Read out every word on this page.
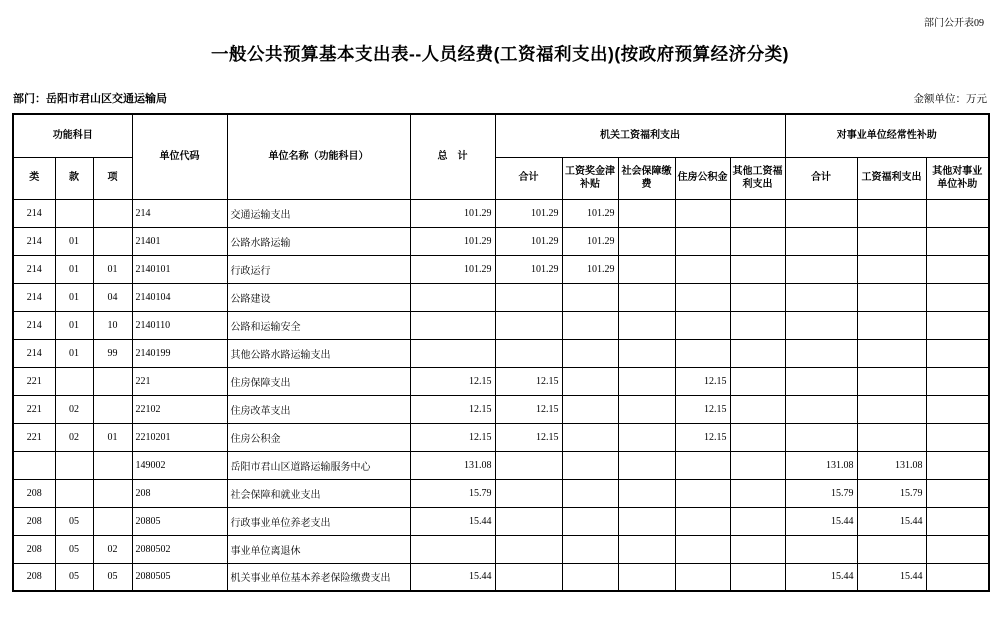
部门公开表09
一般公共预算基本支出表--人员经费(工资福利支出)(按政府预算经济分类)
部门：岳阳市君山区交通运输局	金额单位：万元
功能科目			单位代码	单位名称（功能科目）	总　计	机关工资福利支出					对事业单位经常性补助		
类	款	项				合计	工资奖金津补贴	社会保障缴费	住房公积金	其他工资福利支出	合计	工资福利支出	其他对事业单位补助
214			214	交通运输支出	101.29	101.29	101.29						
214	01		21401	公路水路运输	101.29	101.29	101.29						
214	01	01	2140101	行政运行	101.29	101.29	101.29						
214	01	04	2140104	公路建设									
214	01	10	2140110	公路和运输安全									
214	01	99	2140199	其他公路水路运输支出									
221			221	住房保障支出	12.15	12.15			12.15				
221	02		22102	住房改革支出	12.15	12.15			12.15				
221	02	01	2210201	住房公积金	12.15	12.15			12.15				
			149002	岳阳市君山区道路运输服务中心	131.08						131.08	131.08	
208			208	社会保障和就业支出	15.79						15.79	15.79	
208	05		20805	行政事业单位养老支出	15.44						15.44	15.44	
208	05	02	2080502	事业单位离退休									
208	05	05	2080505	机关事业单位基本养老保险缴费支出	15.44						15.44	15.44	
